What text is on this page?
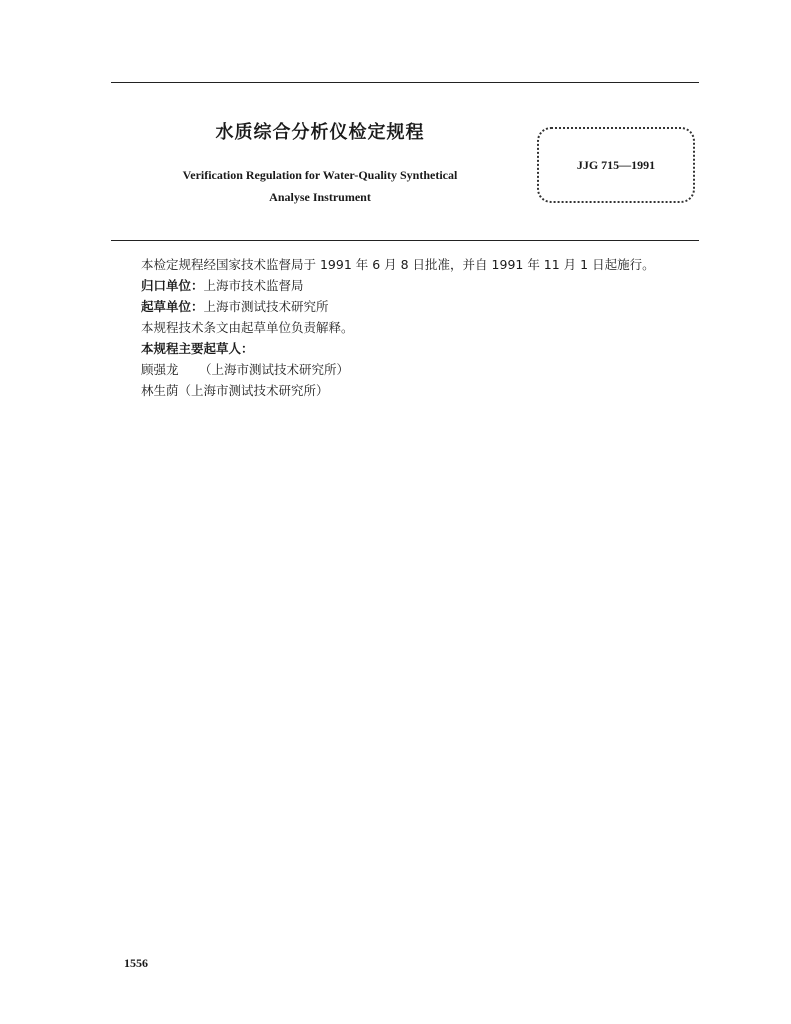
水质综合分析仪检定规程
Verification Regulation for Water-Quality Synthetical
Analyse Instrument
JJG 715—1991
本检定规程经国家技术监督局于 1991 年 6 月 8 日批准，并自 1991 年 11 月 1 日起施行。
归口单位：上海市技术监督局
起草单位：上海市测试技术研究所
本规程技术条文由起草单位负责解释。
本规程主要起草人：
顾强龙 （上海市测试技术研究所）
林生荫（上海市测试技术研究所）
1556
